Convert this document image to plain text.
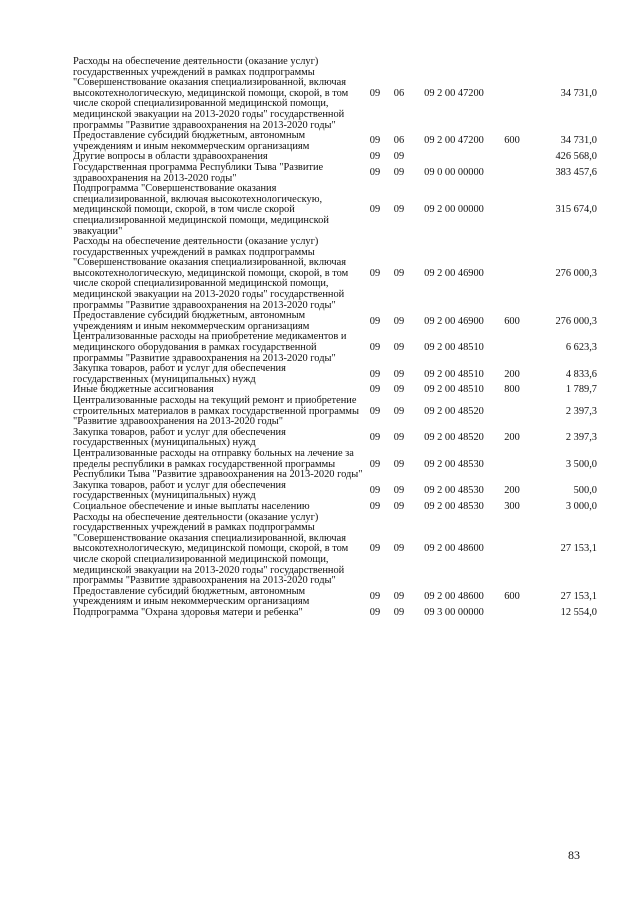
Расходы на обеспечение деятельности (оказание услуг) государственных учреждений в рамках подпрограммы "Совершенствование оказания специализированной, включая высокотехнологическую, медицинской помощи, скорой, в том числе скорой специализированной медицинской помощи, медицинской эвакуации на 2013-2020 годы" государственной программы "Развитие здравоохранения на 2013-2020 годы"	09	06	09 2 00 47200		34 731,0
Предоставление субсидий бюджетным, автономным учреждениям и иным некоммерческим организациям	09	06	09 2 00 47200	600	34 731,0
Другие вопросы в области здравоохранения	09	09			426 568,0
Государственная программа Республики Тыва "Развитие здравоохранения на 2013-2020 годы"	09	09	09 0 00 00000		383 457,6
Подпрограмма "Совершенствование оказания специализированной, включая высокотехнологическую, медицинской помощи, скорой, в том числе скорой специализированной медицинской помощи, медицинской эвакуации"	09	09	09 2 00 00000		315 674,0
Расходы на обеспечение деятельности (оказание услуг) государственных учреждений в рамках подпрограммы "Совершенствование оказания специализированной, включая высокотехнологическую, медицинской помощи, скорой, в том числе скорой специализированной медицинской помощи, медицинской эвакуации на 2013-2020 годы" государственной программы "Развитие здравоохранения на 2013-2020 годы"	09	09	09 2 00 46900		276 000,3
Предоставление субсидий бюджетным, автономным учреждениям и иным некоммерческим организациям	09	09	09 2 00 46900	600	276 000,3
Централизованные расходы на приобретение медикаментов и медицинского оборудования в рамках государственной программы "Развитие здравоохранения на 2013-2020 годы"	09	09	09 2 00 48510		6 623,3
Закупка товаров, работ и услуг для обеспечения государственных (муниципальных) нужд	09	09	09 2 00 48510	200	4 833,6
Иные бюджетные ассигнования	09	09	09 2 00 48510	800	1 789,7
Централизованные расходы на текущий ремонт и приобретение строительных материалов в рамках государственной программы "Развитие здравоохранения на 2013-2020 годы"	09	09	09 2 00 48520		2 397,3
Закупка товаров, работ и услуг для обеспечения государственных (муниципальных) нужд	09	09	09 2 00 48520	200	2 397,3
Централизованные расходы на отправку больных на лечение за пределы республики в рамках государственной программы Республики Тыва "Развитие здравоохранения на 2013-2020 годы"	09	09	09 2 00 48530		3 500,0
Закупка товаров, работ и услуг для обеспечения государственных (муниципальных) нужд	09	09	09 2 00 48530	200	500,0
Социальное обеспечение и иные выплаты населению	09	09	09 2 00 48530	300	3 000,0
Расходы на обеспечение деятельности (оказание услуг) государственных учреждений в рамках подпрограммы "Совершенствование оказания специализированной, включая высокотехнологическую, медицинской помощи, скорой, в том числе скорой специализированной медицинской помощи, медицинской эвакуации на 2013-2020 годы" государственной программы "Развитие здравоохранения на 2013-2020 годы"	09	09	09 2 00 48600		27 153,1
Предоставление субсидий бюджетным, автономным учреждениям и иным некоммерческим организациям	09	09	09 2 00 48600	600	27 153,1
Подпрограмма "Охрана здоровья матери и ребенка"	09	09	09 3 00 00000		12 554,0
83
